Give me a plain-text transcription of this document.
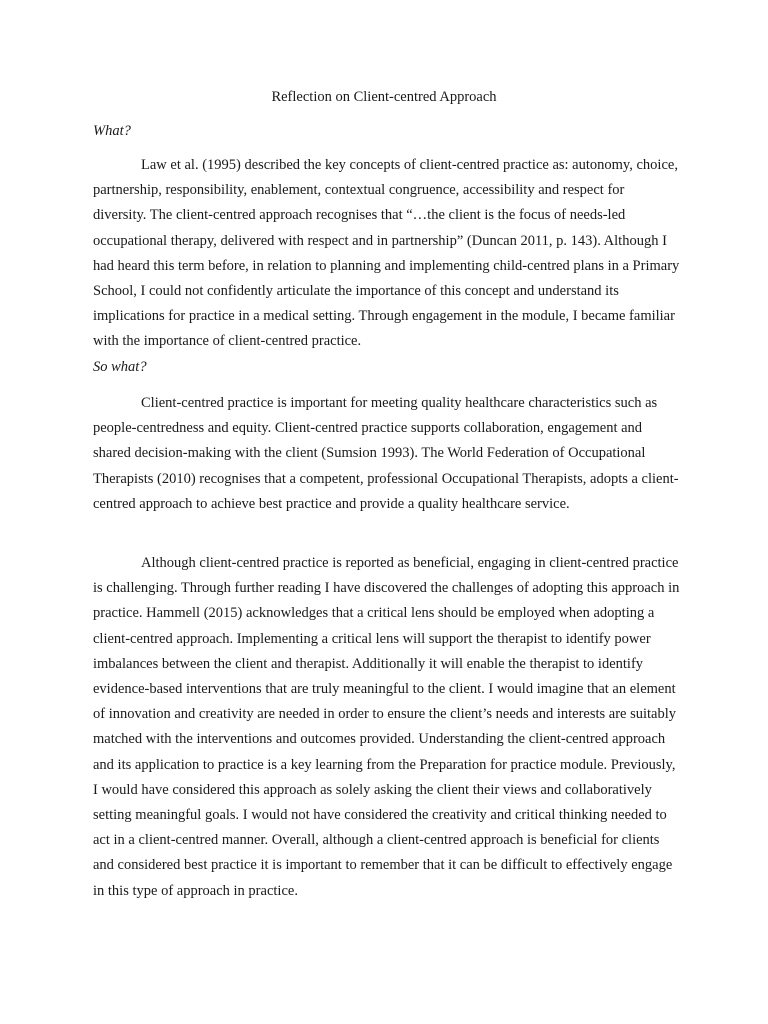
Reflection on Client-centred Approach

What?

Law et al. (1995) described the key concepts of client-centred practice as: autonomy, choice, partnership, responsibility, enablement, contextual congruence, accessibility and respect for diversity. The client-centred approach recognises that “…the client is the focus of needs-led occupational therapy, delivered with respect and in partnership” (Duncan 2011, p. 143). Although I had heard this term before, in relation to planning and implementing child-centred plans in a Primary School, I could not confidently articulate the importance of this concept and understand its implications for practice in a medical setting. Through engagement in the module, I became familiar with the importance of client-centred practice.

So what?

Client-centred practice is important for meeting quality healthcare characteristics such as people-centredness and equity. Client-centred practice supports collaboration, engagement and shared decision-making with the client (Sumsion 1993). The World Federation of Occupational Therapists (2010) recognises that a competent, professional Occupational Therapists, adopts a client-centred approach to achieve best practice and provide a quality healthcare service.

Although client-centred practice is reported as beneficial, engaging in client-centred practice is challenging. Through further reading I have discovered the challenges of adopting this approach in practice. Hammell (2015) acknowledges that a critical lens should be employed when adopting a client-centred approach. Implementing a critical lens will support the therapist to identify power imbalances between the client and therapist. Additionally it will enable the therapist to identify evidence-based interventions that are truly meaningful to the client. I would imagine that an element of innovation and creativity are needed in order to ensure the client’s needs and interests are suitably matched with the interventions and outcomes provided. Understanding the client-centred approach and its application to practice is a key learning from the Preparation for practice module. Previously, I would have considered this approach as solely asking the client their views and collaboratively setting meaningful goals. I would not have considered the creativity and critical thinking needed to act in a client-centred manner. Overall, although a client-centred approach is beneficial for clients and considered best practice it is important to remember that it can be difficult to effectively engage in this type of approach in practice.
